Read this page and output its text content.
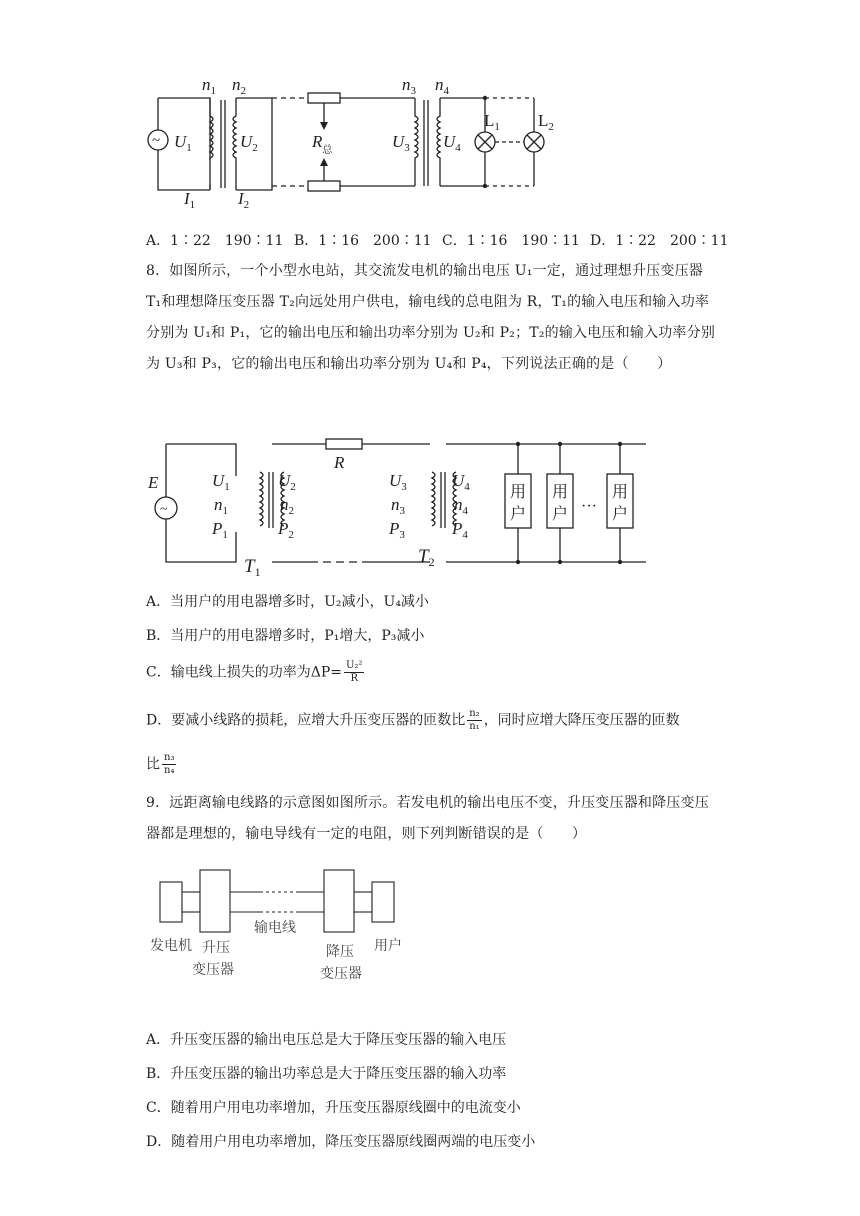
~ $U_1$
$n_1$ $n_2$
$U_2$
$I_1$	$I_2$
$R_总$
$n_3$
$U_3$
$n_4$
$U_4$
$L_1$ $L_2$
A．1∶22　190∶11 B．1∶16　200∶11 C．1∶16　190∶11 D．1∶22　200∶11
8．如图所示，一个小型水电站，其交流发电机的输出电压 U₁一定，通过理想升压变压器 T₁和理想降压变压器 T₂向远处用户供电，输电线的总电阻为 R，T₁的输入电压和输入功率分别为 U₁和 P₁，它的输出电压和输出功率分别为 U₂和 P₂；T₂的输入电压和输入功率分别为 U₃和 P₃，它的输出电压和输出功率分别为 U₄和 P₄，下列说法正确的是（　　）
~
E
R
$T_1$
$T_2$
$U_1$
$n_1$
$P_1$
$U_2$
$n_2$
$P_2$
$U_3$
$n_3$
$P_3$
$U_4$
$n_4$
$P_4$
用
户
用
户
用
户
···
A．当用户的用电器增多时，U₂减小，U₄减小
B．当用户的用电器增多时，P₁增大，P₃减小
C．输电线上损失的功率为$\Delta P= \frac{\text{U₂²}}{R}$
D．要减小线路的损耗，应增大升压变压器的匝数比 $\frac{\text{n₂}}{\text{n₁}}$ ，同时应增大降压变压器的匝数
比 $\frac{\text{n₃}}{\text{n₄}}$
9．远距离输电线路的示意图如图所示。若发电机的输出电压不变，升压变压器和降压变压器都是理想的，输电导线有一定的电阻，则下列判断错误的是（　　）
发电机 升压
变压器
输电线
降压
变压器
用户
A．升压变压器的输出电压总是大于降压变压器的输入电压
B．升压变压器的输出功率总是大于降压变压器的输入功率
C．随着用户用电功率增加，升压变压器原线圈中的电流变小
D．随着用户用电功率增加，降压变压器原线圈两端的电压变小
